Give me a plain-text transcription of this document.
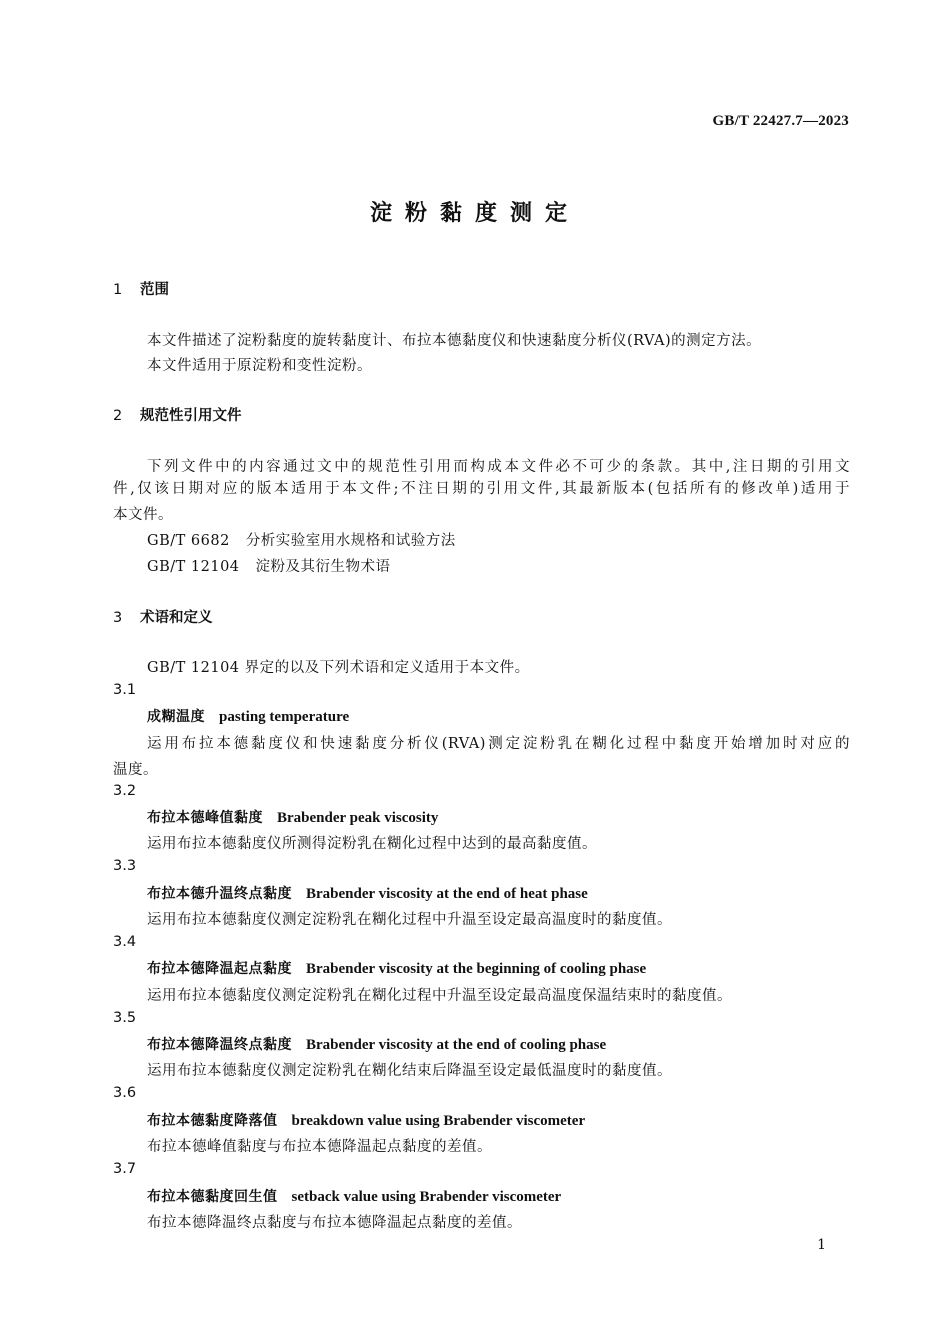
GB/T 22427.7—2023
淀粉黏度测定
1 范围
本文件描述了淀粉黏度的旋转黏度计、布拉本德黏度仪和快速黏度分析仪(RVA)的测定方法。
本文件适用于原淀粉和变性淀粉。
2 规范性引用文件
下列文件中的内容通过文中的规范性引用而构成本文件必不可少的条款。其中,注日期的引用文
件,仅该日期对应的版本适用于本文件;不注日期的引用文件,其最新版本(包括所有的修改单)适用于
本文件。
GB/T 6682 分析实验室用水规格和试验方法
GB/T 12104 淀粉及其衍生物术语
3 术语和定义
GB/T 12104 界定的以及下列术语和定义适用于本文件。
3.1
成糊温度 pasting temperature
运用布拉本德黏度仪和快速黏度分析仪(RVA)测定淀粉乳在糊化过程中黏度开始增加时对应的
温度。
3.2
布拉本德峰值黏度 Brabender peak viscosity
运用布拉本德黏度仪所测得淀粉乳在糊化过程中达到的最高黏度值。
3.3
布拉本德升温终点黏度 Brabender viscosity at the end of heat phase
运用布拉本德黏度仪测定淀粉乳在糊化过程中升温至设定最高温度时的黏度值。
3.4
布拉本德降温起点黏度 Brabender viscosity at the beginning of cooling phase
运用布拉本德黏度仪测定淀粉乳在糊化过程中升温至设定最高温度保温结束时的黏度值。
3.5
布拉本德降温终点黏度 Brabender viscosity at the end of cooling phase
运用布拉本德黏度仪测定淀粉乳在糊化结束后降温至设定最低温度时的黏度值。
3.6
布拉本德黏度降落值 breakdown value using Brabender viscometer
布拉本德峰值黏度与布拉本德降温起点黏度的差值。
3.7
布拉本德黏度回生值 setback value using Brabender viscometer
布拉本德降温终点黏度与布拉本德降温起点黏度的差值。
1
